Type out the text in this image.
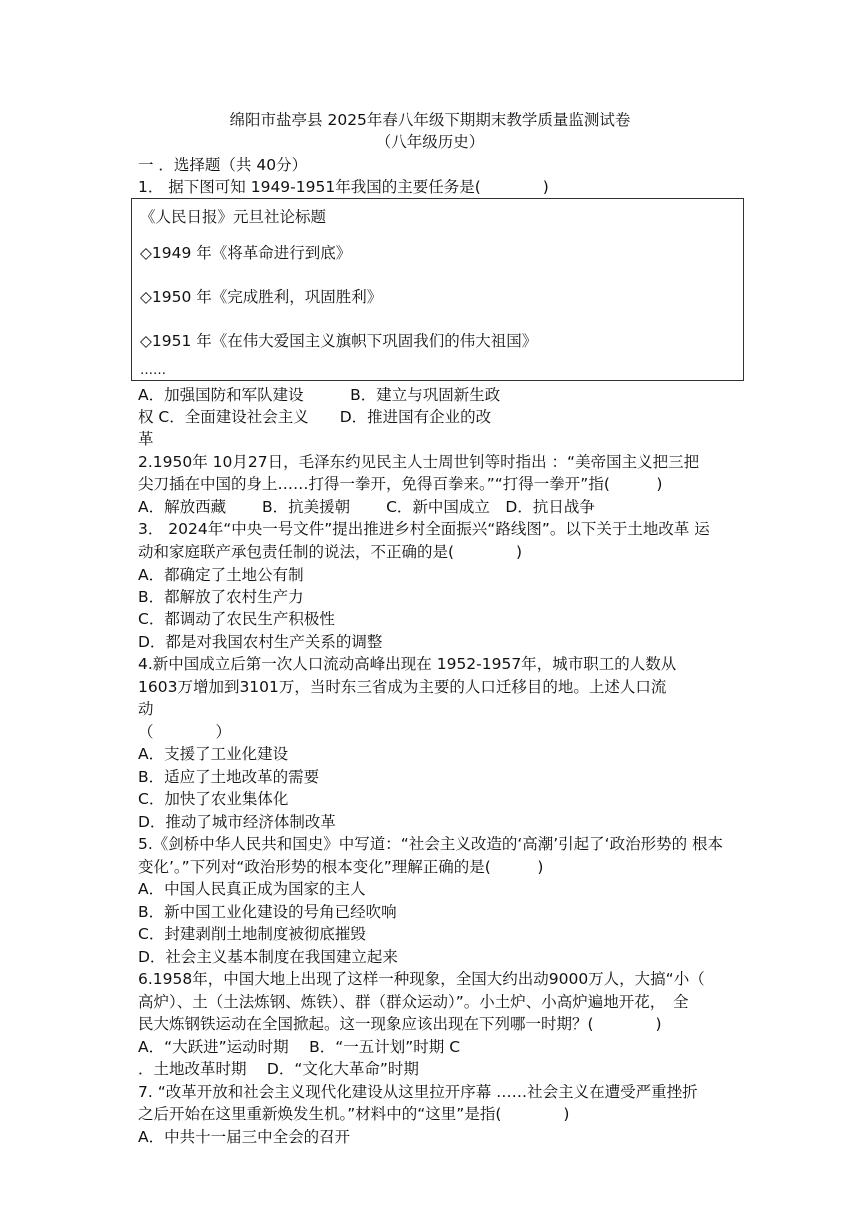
绵阳市盐亭县 2025年春八年级下期期末教学质量监测试卷
（八年级历史）
一 ．选择题（共 40分）
1． 据下图可知 1949-1951年我国的主要任务是(　　　　)
《人民日报》元旦社论标题
◇1949 年《将革命进行到底》
◇1950 年《完成胜利，巩固胜利》
◇1951 年《在伟大爱国主义旗帜下巩固我们的伟大祖国》
……
A．加强国防和军队建设　　　B．建立与巩固新生政
权 C．全面建设社会主义　　D．推进国有企业的改
革
2.1950年 10月27日，毛泽东约见民主人士周世钊等时指出 ：“美帝国主义把三把
尖刀插在中国的身上……打得一拳开，免得百拳来。”“打得一拳开”指(　　　)
A．解放西藏　　 B．抗美援朝　　 C．新中国成立　D．抗日战争
3． 2024年“中央一号文件”提出推进乡村全面振兴“路线图”。以下关于土地改革 运
动和家庭联产承包责任制的说法，不正确的是(　　　　)
A．都确定了土地公有制
B．都解放了农村生产力
C．都调动了农民生产积极性
D．都是对我国农村生产关系的调整
4.新中国成立后第一次人口流动高峰出现在 1952-1957年，城市职工的人数从
1603万增加到3101万，当时东三省成为主要的人口迁移目的地。上述人口流
动
（　　　　）
A．支援了工业化建设
B．适应了土地改革的需要
C．加快了农业集体化
D．推动了城市经济体制改革
5.《剑桥中华人民共和国史》中写道：“社会主义改造的‘高潮’引起了‘政治形势的 根本
变化’。”下列对“政治形势的根本变化”理解正确的是(　　　)
A．中国人民真正成为国家的主人
B．新中国工业化建设的号角已经吹响
C．封建剥削土地制度被彻底摧毁
D．社会主义基本制度在我国建立起来
6.1958年，中国大地上出现了这样一种现象，全国大约出动9000万人，大搞“小（
高炉）、土（土法炼钢、炼铁）、群（群众运动）”。小土炉、小高炉遍地开花，　全
民大炼钢铁运动在全国掀起。这一现象应该出现在下列哪一时期？(　　　　)
A．“大跃进”运动时期　 B．“一五计划”时期 C
．土地改革时期　 D．“文化大革命”时期
7. “改革开放和社会主义现代化建设从这里拉开序幕 ……社会主义在遭受严重挫折
之后开始在这里重新焕发生机。”材料中的“这里”是指(　　　　)
A．中共十一届三中全会的召开
